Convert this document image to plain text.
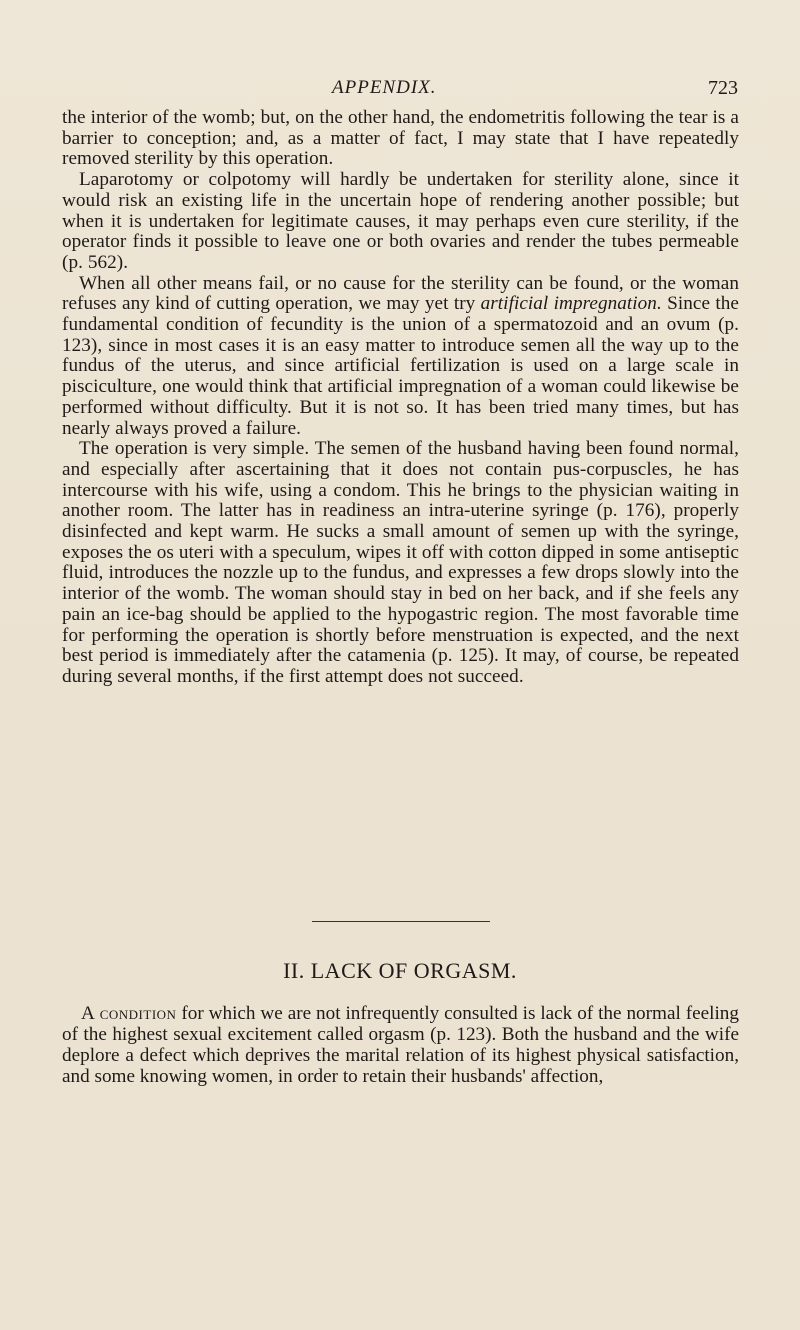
APPENDIX.	723

the interior of the womb; but, on the other hand, the endometritis following the tear is a barrier to conception; and, as a matter of fact, I may state that I have repeatedly removed sterility by this operation.

Laparotomy or colpotomy will hardly be undertaken for sterility alone, since it would risk an existing life in the uncertain hope of rendering another possible; but when it is undertaken for legitimate causes, it may perhaps even cure sterility, if the operator finds it possible to leave one or both ovaries and render the tubes permeable (p. 562).

When all other means fail, or no cause for the sterility can be found, or the woman refuses any kind of cutting operation, we may yet try artificial impregnation. Since the fundamental condition of fecundity is the union of a spermatozoid and an ovum (p. 123), since in most cases it is an easy matter to introduce semen all the way up to the fundus of the uterus, and since artificial fertilization is used on a large scale in pisciculture, one would think that artificial impregnation of a woman could likewise be performed without difficulty. But it is not so. It has been tried many times, but has nearly always proved a failure.

The operation is very simple. The semen of the husband having been found normal, and especially after ascertaining that it does not contain pus-corpuscles, he has intercourse with his wife, using a condom. This he brings to the physician waiting in another room. The latter has in readiness an intra-uterine syringe (p. 176), properly disinfected and kept warm. He sucks a small amount of semen up with the syringe, exposes the os uteri with a speculum, wipes it off with cotton dipped in some antiseptic fluid, introduces the nozzle up to the fundus, and expresses a few drops slowly into the interior of the womb. The woman should stay in bed on her back, and if she feels any pain an ice-bag should be applied to the hypogastric region. The most favorable time for performing the operation is shortly before menstruation is expected, and the next best period is immediately after the catamenia (p. 125). It may, of course, be repeated during several months, if the first attempt does not succeed.

II. LACK OF ORGASM.

A condition for which we are not infrequently consulted is lack of the normal feeling of the highest sexual excitement called orgasm (p. 123). Both the husband and the wife deplore a defect which deprives the marital relation of its highest physical satisfaction, and some knowing women, in order to retain their husbands' affection,
